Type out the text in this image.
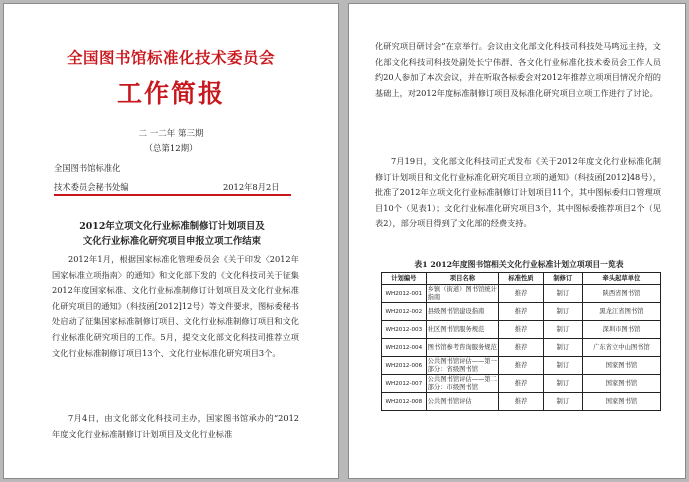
全国图书馆标准化技术委员会
工作简报
二 一二年 第三期
（总第12期）
全国图书馆标准化
技术委员会秘书处编	2012年8月2日
2012年立项文化行业标准制修订计划项目及
文化行业标准化研究项目申报立项工作结束

2012年1月，根据国家标准化管理委员会《关于印发〈2012年国家标准立项指南〉的通知》和文化部下发的《文化科技司关于征集2012年度国家标准、文化行业标准制修订计划项目及文化行业标准化研究项目的通知》（科技函[2012]12号）等文件要求，图标委秘书处启动了征集国家标准制修订项目、文化行业标准制修订项目和文化行业标准化研究项目的工作。5月，提交文化部文化科技司推荐立项文化行业标准制修订项目13个、文化行业标准化研究项目3个。

7月4日，由文化部文化科技司主办，国家图书馆承办的“2012年度文化行业标准制修订计划项目及文化行业标准

化研究项目研讨会”在京举行。会议由文化部文化科技司科技处马鸣远主持，文化部文化科技司科技处副处长宁伟群、各文化行业标准化技术委员会工作人员约20人参加了本次会议，并在听取各标委会对2012年推荐立项项目情况介绍的基础上，对2012年度标准制修订项目及标准化研究项目立项工作进行了讨论。

7月19日，文化部文化科技司正式发布《关于2012年度文化行业标准化制修订计划项目和文化行业标准化研究项目立项的通知》（科技函[2012]48号），批准了2012年立项文化行业标准制修订计划项目11个，其中图标委归口管理项目10个（见表1）；文化行业标准化研究项目3个，其中图标委推荐项目2个（见表2），部分项目得到了文化部的经费支持。

表1 2012年度图书馆相关文化行业标准计划立项项目一览表
计划编号	项目名称	标准性质	制修订	牵头起草单位
WH2012-001	乡镇（街道）图书馆统计指南	推荐	制订	陕西省图书馆
WH2012-002	县级图书馆建设指南	推荐	制订	黑龙江省图书馆
WH2012-003	社区图书馆服务规范	推荐	制订	深圳市图书馆
WH2012-004	图书馆参考咨询服务规范	推荐	制订	广东省立中山图书馆
WH2012-006	公共图书馆评估——第一部分：省级图书馆	推荐	制订	国家图书馆
WH2012-007	公共图书馆评估——第二部分：市级图书馆	推荐	制订	国家图书馆
WH2012-008	公共图书馆评估	推荐	制订	国家图书馆
